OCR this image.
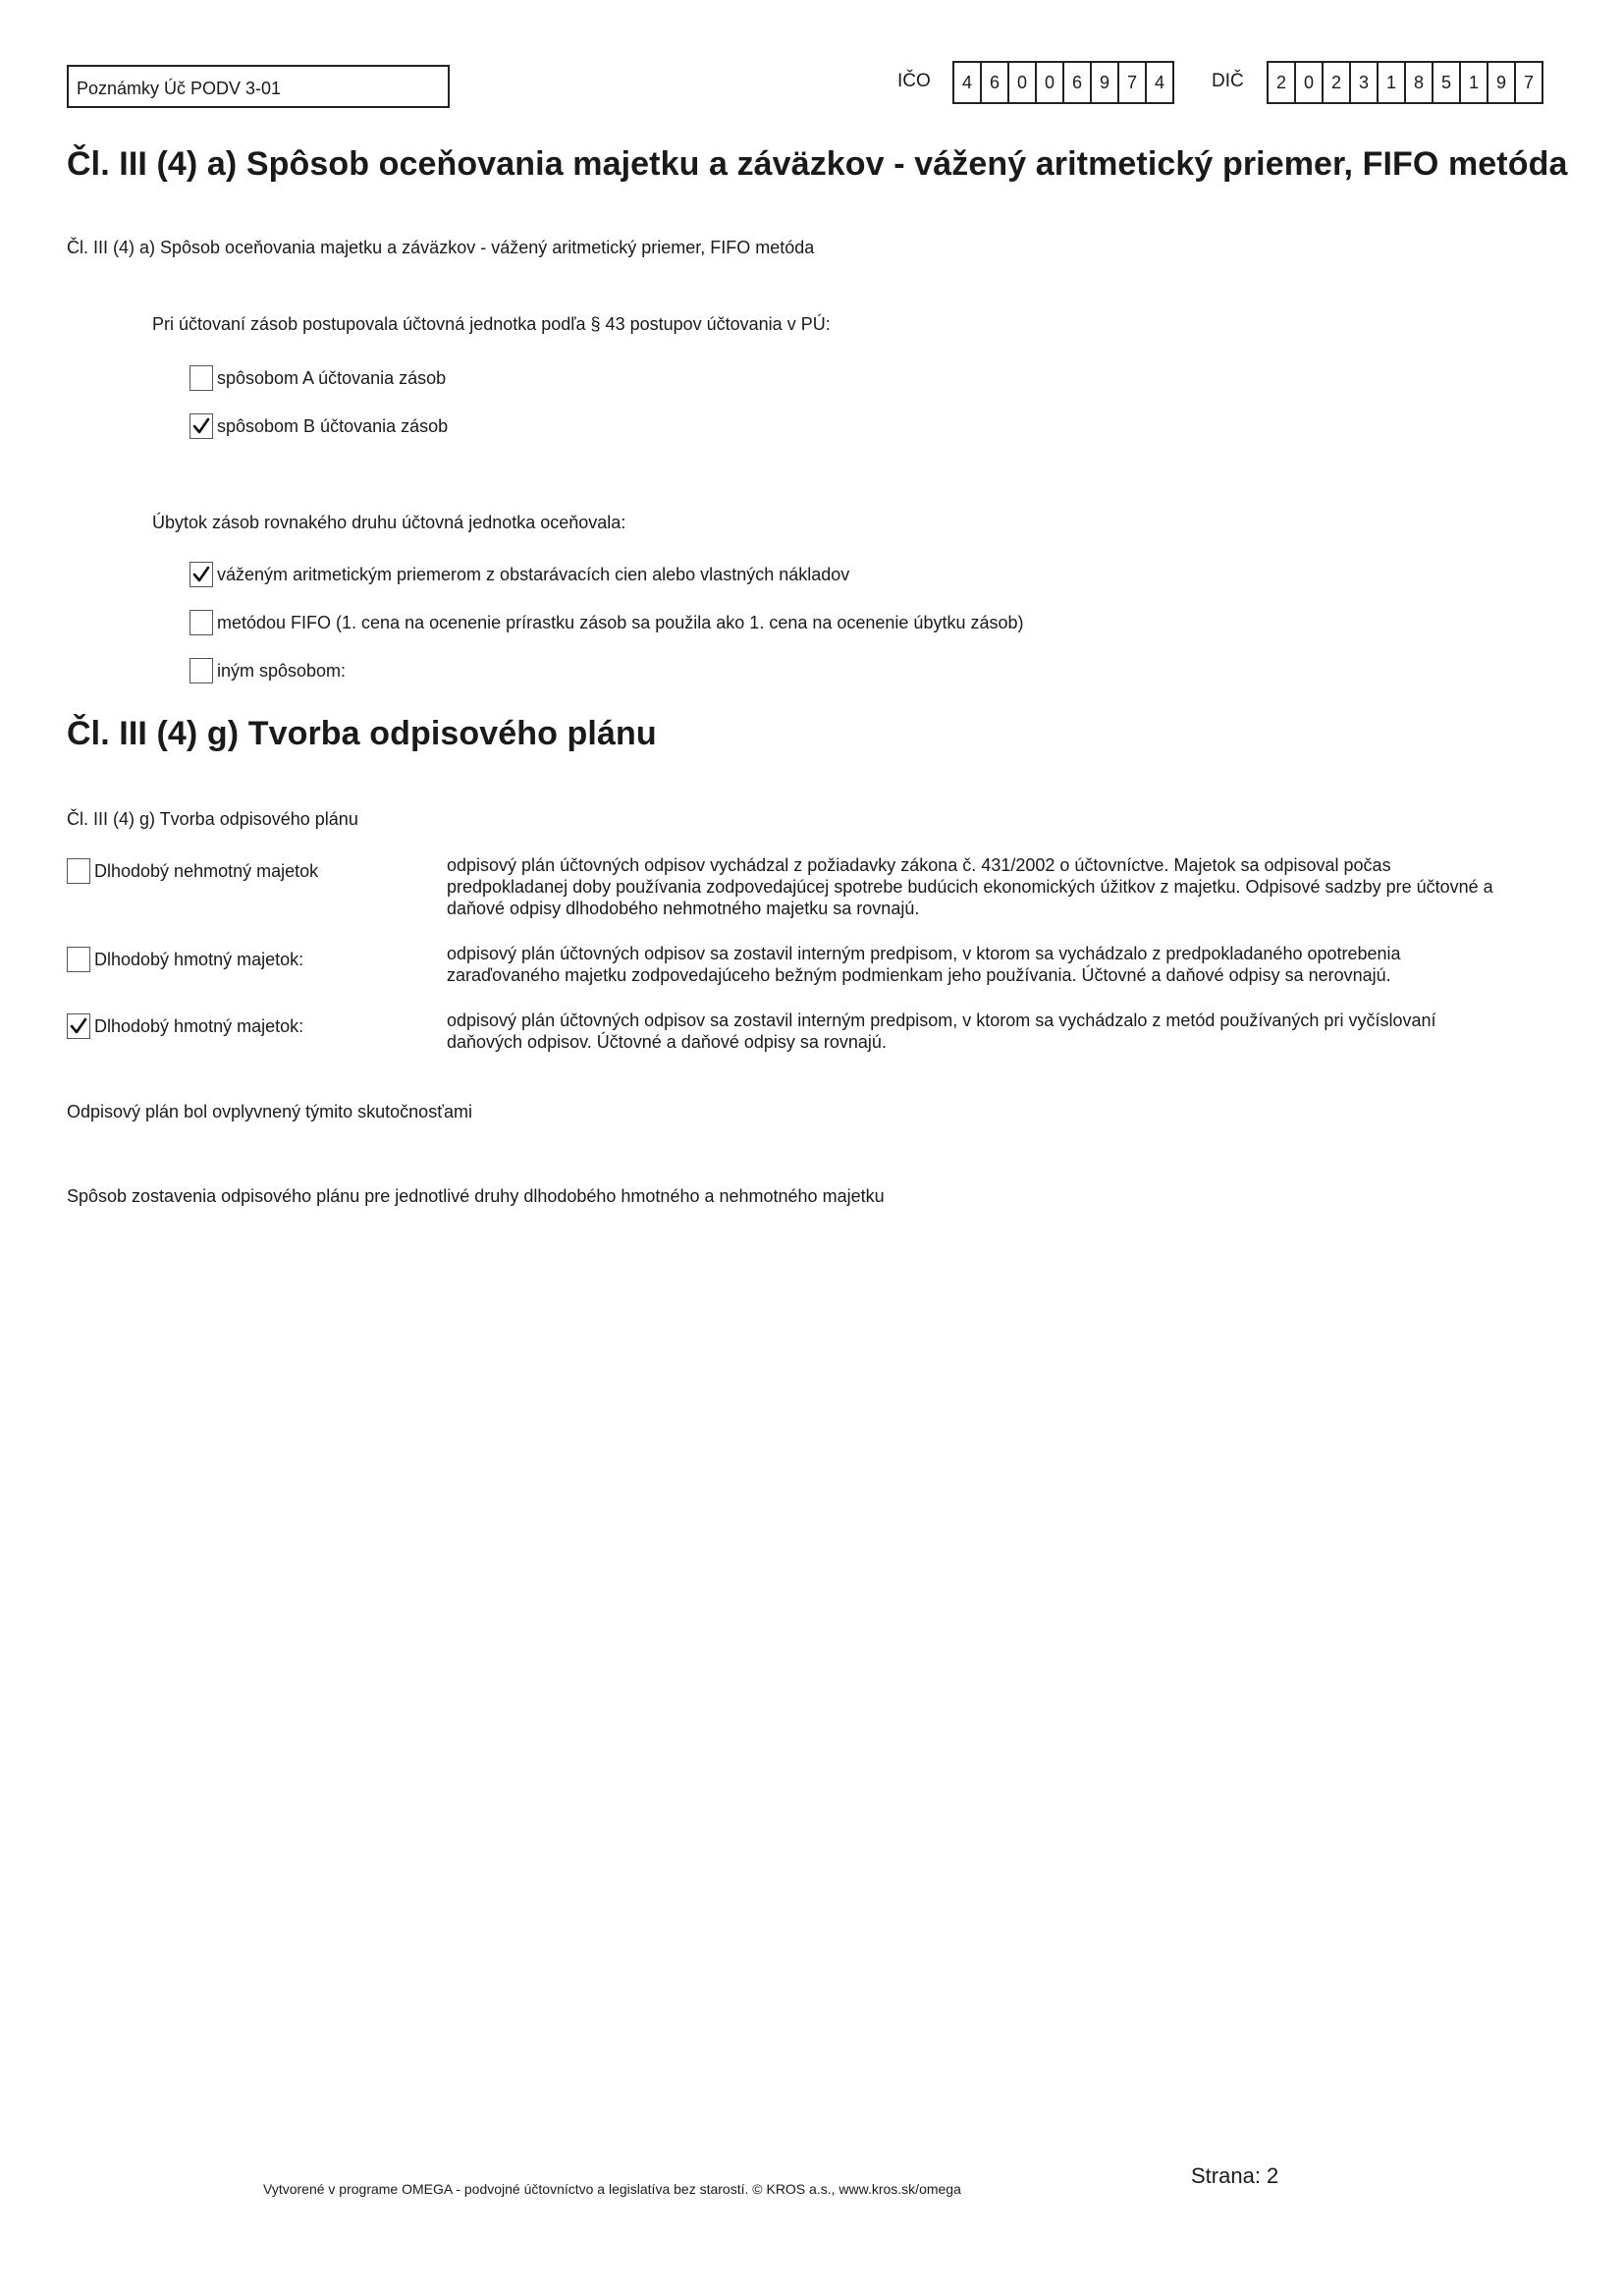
Poznámky Úč PODV 3-01	IČO	4 6 0 0 6 9 7 4	DIČ	2 0 2 3 1 8 5 1 9 7
Čl. III (4) a) Spôsob oceňovania majetku a záväzkov - vážený aritmetický priemer, FIFO metóda
Čl. III (4) a) Spôsob oceňovania majetku a záväzkov - vážený aritmetický priemer, FIFO metóda
Pri účtovaní zásob postupovala účtovná jednotka podľa § 43 postupov účtovania v PÚ:
spôsobom A účtovania zásob
spôsobom B účtovania zásob
Úbytok zásob rovnakého druhu účtovná jednotka oceňovala:
váženým aritmetickým priemerom z obstarávacích cien alebo vlastných nákladov
metódou FIFO (1. cena na ocenenie prírastku zásob sa použila ako 1. cena na ocenenie úbytku zásob)
iným spôsobom:
Čl. III (4) g) Tvorba odpisového plánu
Čl. III (4) g) Tvorba odpisového plánu
Dlhodobý nehmotný majetok	odpisový plán účtovných odpisov vychádzal z požiadavky zákona č. 431/2002 o účtovníctve. Majetok sa odpisoval počas predpokladanej doby používania zodpovedajúcej spotrebe budúcich ekonomických úžitkov z majetku. Odpisové sadzby pre účtovné a daňové odpisy dlhodobého nehmotného majetku sa rovnajú.
Dlhodobý hmotný majetok:	odpisový plán účtovných odpisov sa zostavil interným predpisom, v ktorom sa vychádzalo z predpokladaného opotrebenia zaraďovaného majetku zodpovedajúceho bežným podmienkam jeho používania. Účtovné a daňové odpisy sa nerovnajú.
Dlhodobý hmotný majetok:	odpisový plán účtovných odpisov sa zostavil interným predpisom, v ktorom sa vychádzalo z metód používaných pri vyčíslovaní daňových odpisov. Účtovné a daňové odpisy sa rovnajú.
Odpisový plán bol ovplyvnený týmito skutočnosťami
Spôsob zostavenia odpisového plánu pre jednotlivé druhy dlhodobého hmotného a nehmotného majetku
Vytvorené v programe OMEGA - podvojné účtovníctvo a legislatíva bez starostí. © KROS a.s., www.kros.sk/omega
Strana: 2
